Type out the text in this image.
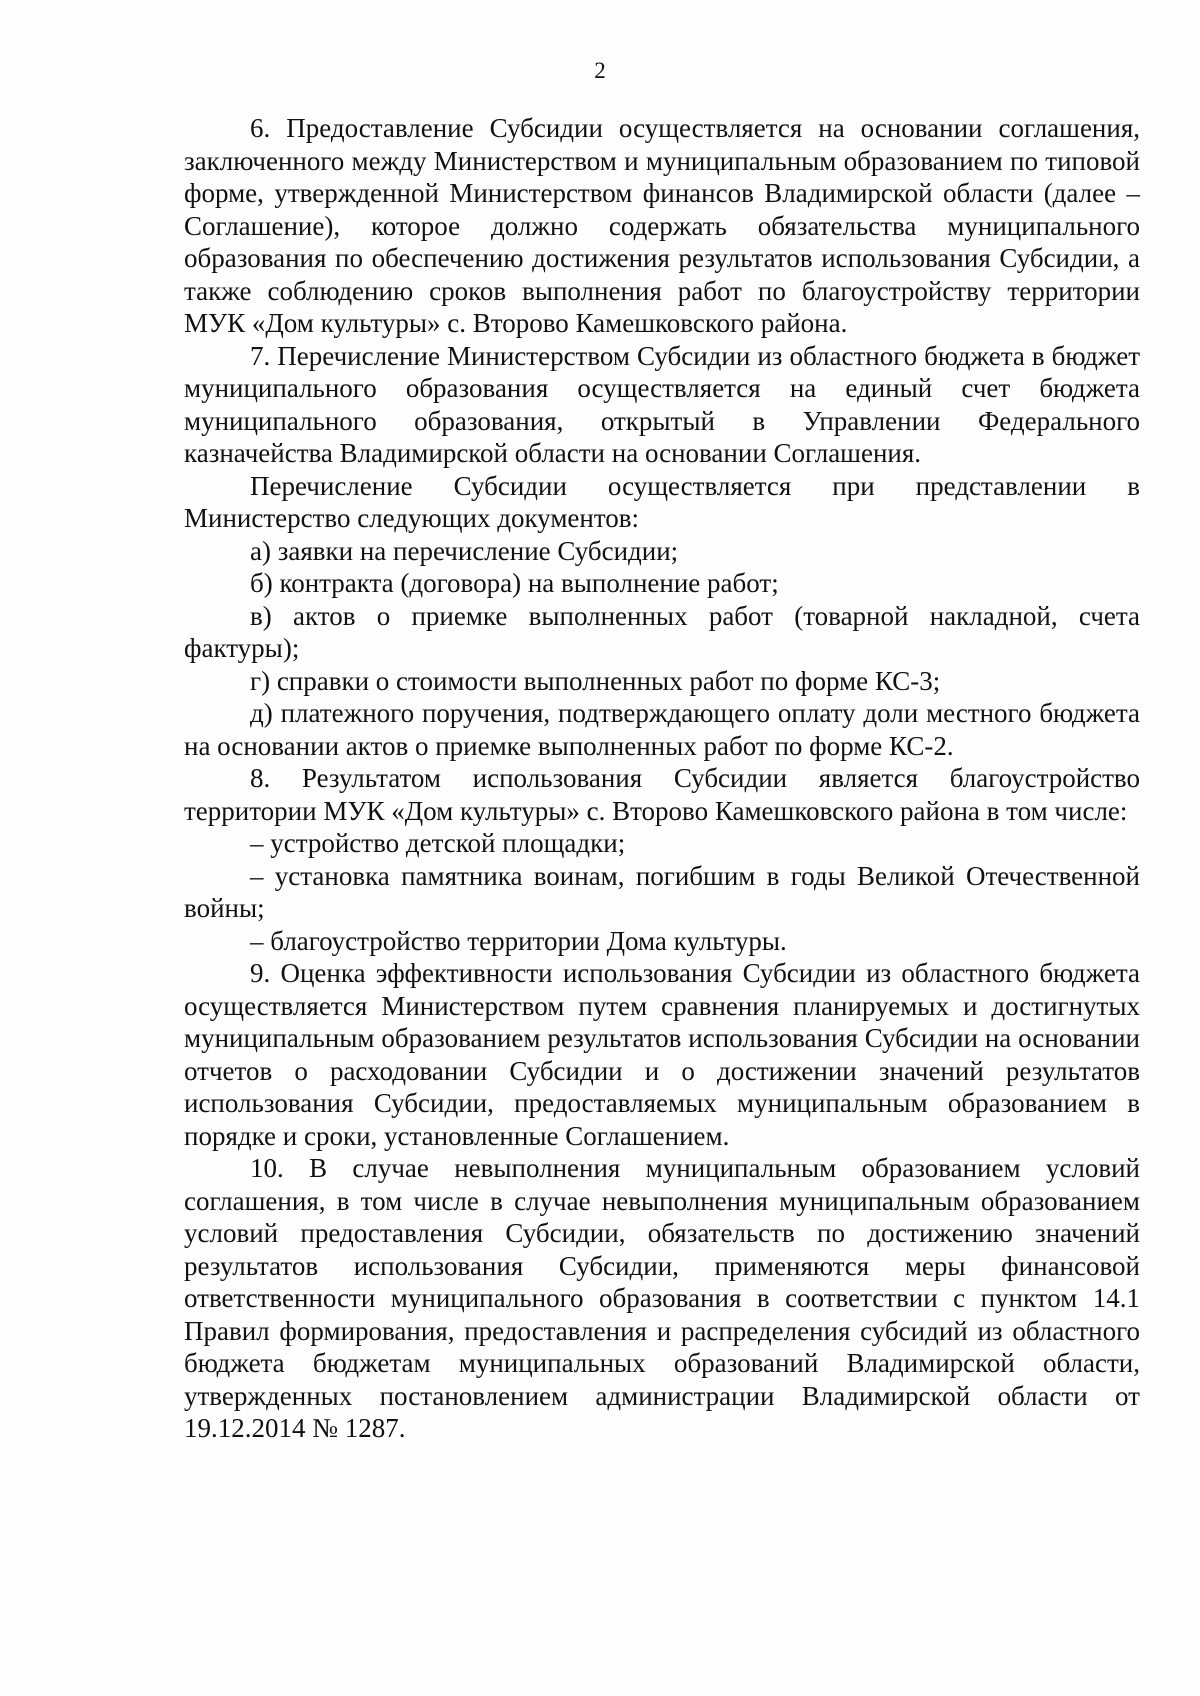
2

6. Предоставление Субсидии осуществляется на основании соглашения, заключенного между Министерством и муниципальным образованием по типовой форме, утвержденной Министерством финансов Владимирской области (далее – Соглашение), которое должно содержать обязательства муниципального образования по обеспечению достижения результатов использования Субсидии, а также соблюдению сроков выполнения работ по благоустройству территории МУК «Дом культуры» с. Второво Камешковского района.

7. Перечисление Министерством Субсидии из областного бюджета в бюджет муниципального образования осуществляется на единый счет бюджета муниципального образования, открытый в Управлении Федерального казначейства Владимирской области на основании Соглашения.

Перечисление Субсидии осуществляется при представлении в Министерство следующих документов:

а) заявки на перечисление Субсидии;

б) контракта (договора) на выполнение работ;

в) актов о приемке выполненных работ (товарной накладной, счета фактуры);

г) справки о стоимости выполненных работ по форме КС-3;

д) платежного поручения, подтверждающего оплату доли местного бюджета на основании актов о приемке выполненных работ по форме КС-2.

8. Результатом использования Субсидии является благоустройство территории МУК «Дом культуры» с. Второво Камешковского района в том числе:

– устройство детской площадки;

– установка памятника воинам, погибшим в годы Великой Отечественной войны;

– благоустройство территории Дома культуры.

9. Оценка эффективности использования Субсидии из областного бюджета осуществляется Министерством путем сравнения планируемых и достигнутых муниципальным образованием результатов использования Субсидии на основании отчетов о расходовании Субсидии и о достижении значений результатов использования Субсидии, предоставляемых муниципальным образованием в порядке и сроки, установленные Соглашением.

10. В случае невыполнения муниципальным образованием условий соглашения, в том числе в случае невыполнения муниципальным образованием условий предоставления Субсидии, обязательств по достижению значений результатов использования Субсидии, применяются меры финансовой ответственности муниципального образования в соответствии с пунктом 14.1 Правил формирования, предоставления и распределения субсидий из областного бюджета бюджетам муниципальных образований Владимирской области, утвержденных постановлением администрации Владимирской области от 19.12.2014 № 1287.
